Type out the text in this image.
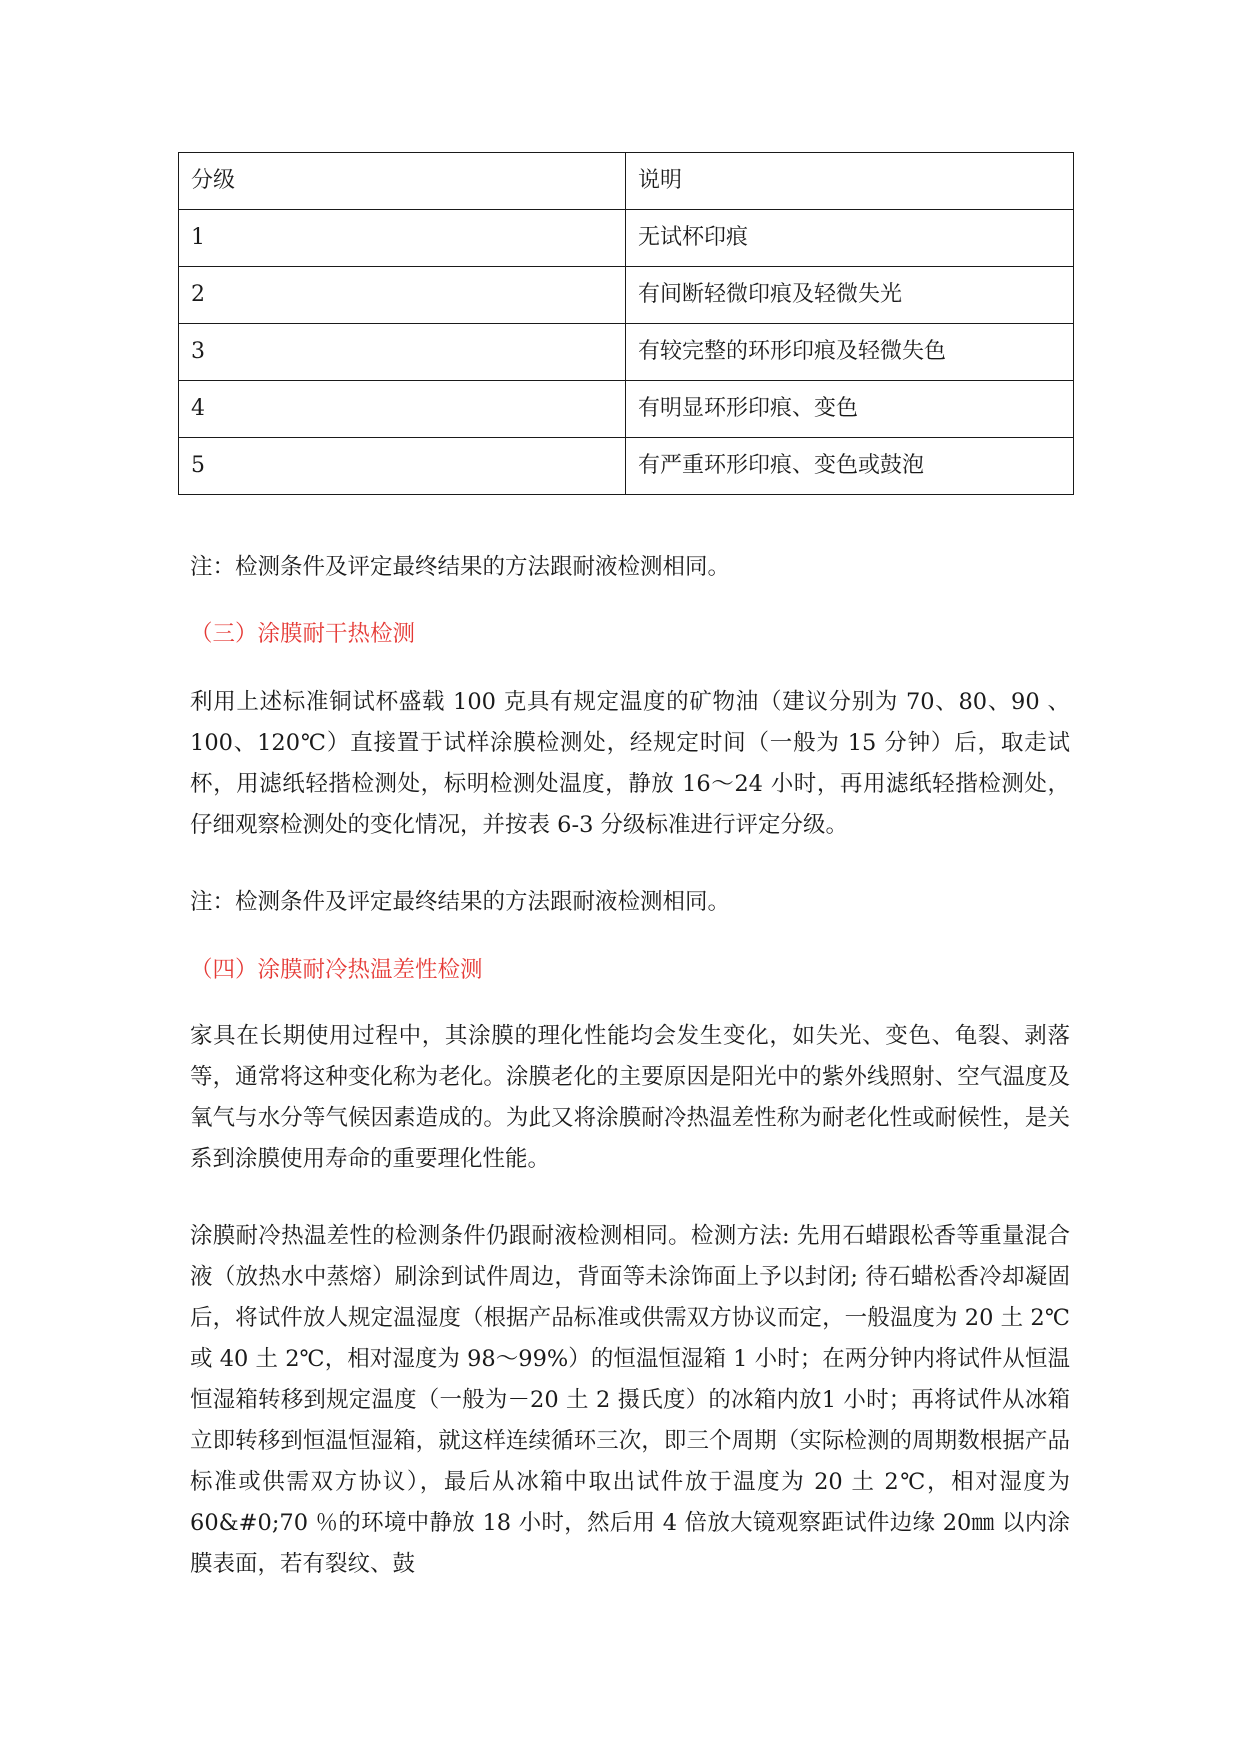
分级	说明
1	无试杯印痕
2	有间断轻微印痕及轻微失光
3	有较完整的环形印痕及轻微失色
4	有明显环形印痕、变色
5	有严重环形印痕、变色或鼓泡

注：检测条件及评定最终结果的方法跟耐液检测相同。

（三）涂膜耐干热检测

利用上述标准铜试杯盛载 100 克具有规定温度的矿物油（建议分别为 70、80、90 、100、120℃）直接置于试样涂膜检测处，经规定时间（一般为 15 分钟）后，取走试杯，用滤纸轻揩检测处，标明检测处温度，静放 16～24 小时，再用滤纸轻揩检测处，仔细观察检测处的变化情况，并按表 6-3 分级标准进行评定分级。

注：检测条件及评定最终结果的方法跟耐液检测相同。

（四）涂膜耐冷热温差性检测

家具在长期使用过程中，其涂膜的理化性能均会发生变化，如失光、变色、龟裂、剥落等，通常将这种变化称为老化。涂膜老化的主要原因是阳光中的紫外线照射、空气温度及氧气与水分等气候因素造成的。为此又将涂膜耐冷热温差性称为耐老化性或耐候性，是关系到涂膜使用寿命的重要理化性能。

涂膜耐冷热温差性的检测条件仍跟耐液检测相同。检测方法: 先用石蜡跟松香等重量混合液（放热水中蒸熔）刷涂到试件周边，背面等未涂饰面上予以封闭; 待石蜡松香冷却凝固后，将试件放人规定温湿度（根据产品标准或供需双方协议而定，一般温度为 20 土 2℃或 40 土 2℃，相对湿度为 98～99%）的恒温恒湿箱 1 小时；在两分钟内将试件从恒温恒湿箱转移到规定温度（一般为－20 土 2 摄氏度）的冰箱内放1 小时；再将试件从冰箱立即转移到恒温恒湿箱，就这样连续循环三次，即三个周期（实际检测的周期数根据产品标准或供需双方协议），最后从冰箱中取出试件放于温度为 20 土 2℃，相对湿度为 60&#0;70 ％的环境中静放 18 小时，然后用 4 倍放大镜观察距试件边缘 20㎜ 以内涂膜表面，若有裂纹、鼓
